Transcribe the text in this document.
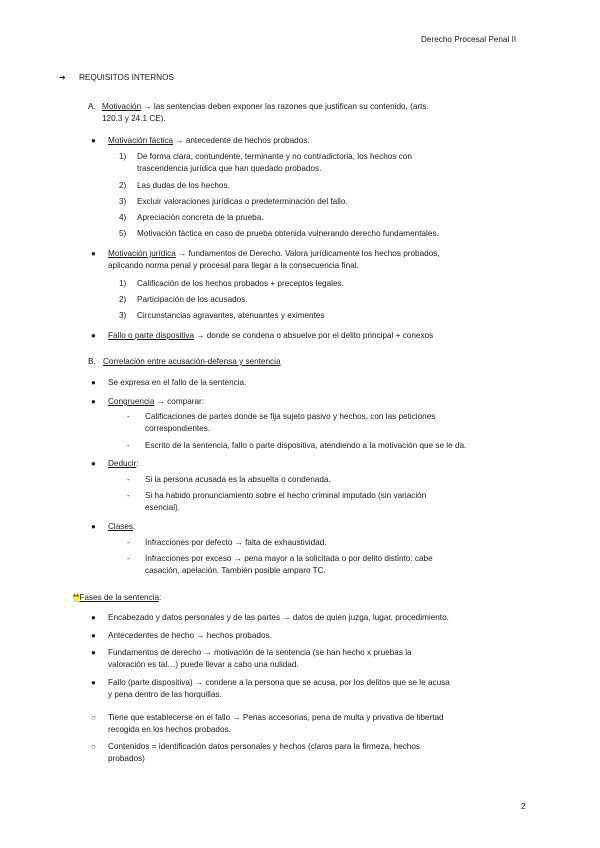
Derecho Procesal Penal II
➔ REQUISITOS INTERNOS
A. Motivación → las sentencias deben exponer las razones que justifican su contenido, (arts.
120.3 y 24.1 CE).
● Motivación fáctica → antecedente de hechos probados.
1) De forma clara, contundente, terminante y no contradictoria, los hechos con
trascendencia jurídica que han quedado probados.
2) Las dudas de los hechos.
3) Excluir valoraciones jurídicas o predeterminación del fallo.
4) Apreciación concreta de la prueba.
5) Motivación fáctica en caso de prueba obtenida vulnerando derecho fundamentales.
● Motivación jurídica → fundamentos de Derecho. Valora jurídicamente los hechos probados,
aplicando norma penal y procesal para llegar a la consecuencia final.
1) Calificación de los hechos probados + preceptos legales.
2) Participación de los acusados.
3) Circunstancias agravantes, atenuantes y eximentes
● Fallo o parte dispositiva → donde se condena o absuelve por el delito principal + conexos
B. Correlación entre acusación-defensa y sentencia
● Se expresa en el fallo de la sentencia.
● Congruencia → comparar:
- Calificaciones de partes donde se fija sujeto pasivo y hechos, con las peticiones
correspondientes.
- Escrito de la sentencia, fallo o parte dispositiva, atendiendo a la motivación que se le da.
● Deducir:
- Si la persona acusada es la absuelta o condenada.
- Si ha habido pronunciamiento sobre el hecho criminal imputado (sin variación
esencial).
● Clases:
- Infracciones por defecto → falta de exhaustividad.
- Infracciones por exceso → pena mayor a la solicitada o por delito distinto: cabe
casación, apelación. También posible amparo TC.
**Fases de la sentencia:
● Encabezado y datos personales y de las partes → datos de quien juzga, lugar, procedimiento.
● Antecedentes de hecho → hechos probados.
● Fundamentos de derecho → motivación de la sentencia (se han hecho x pruebas la
valoración es tal…) puede llevar a cabo una nulidad.
● Fallo (parte dispositiva) → condene a la persona que se acusa, por los delitos que se le acusa
y pena dentro de las horquillas.
○ Tiene que establecerse en el fallo → Penas accesorias, pena de multa y privativa de libertad
recogida en los hechos probados.
○ Contenidos = identificación datos personales y hechos (claros para la firmeza, hechos
probados)
2
